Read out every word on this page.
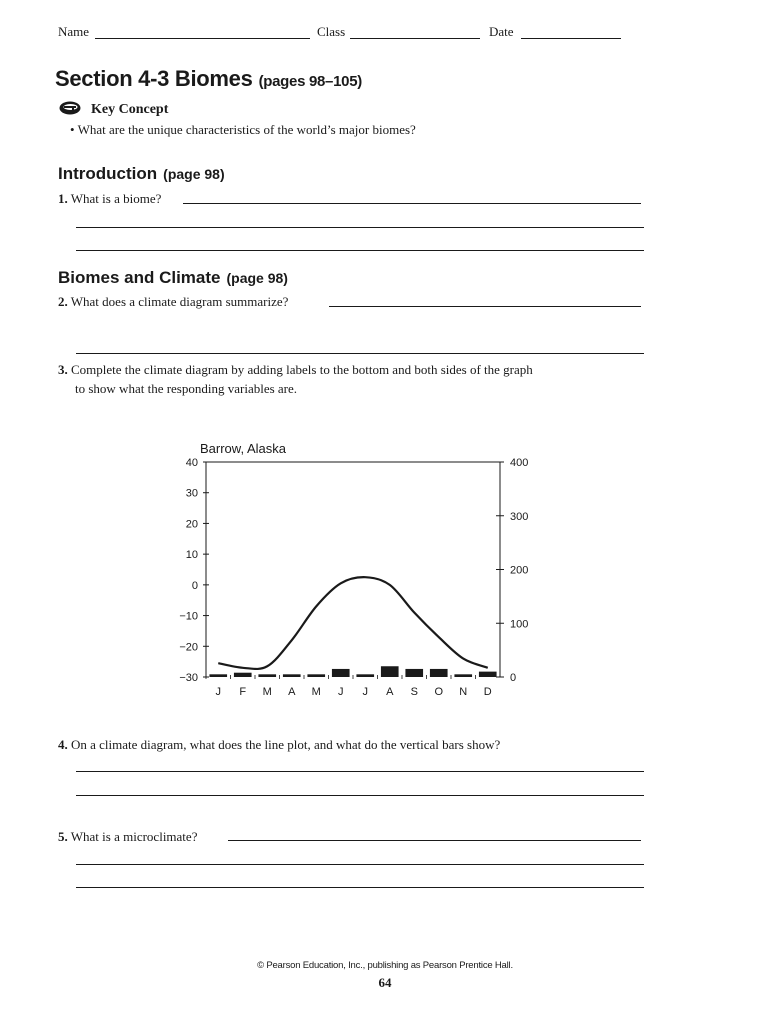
Name	Class	Date
Section 4-3 Biomes (pages 98–105)
Key Concept
• What are the unique characteristics of the world’s major biomes?
Introduction (page 98)
1. What is a biome?
Biomes and Climate (page 98)
2. What does a climate diagram summarize?
3. Complete the climate diagram by adding labels to the bottom and both sides of the graph
to show what the responding variables are.
Barrow, Alaska
40
30
20
10
0
−10
−20
−30
400
300
200
100
0
J F M A M J J A S O N D
4. On a climate diagram, what does the line plot, and what do the vertical bars show?
5. What is a microclimate?
© Pearson Education, Inc., publishing as Pearson Prentice Hall.
64
